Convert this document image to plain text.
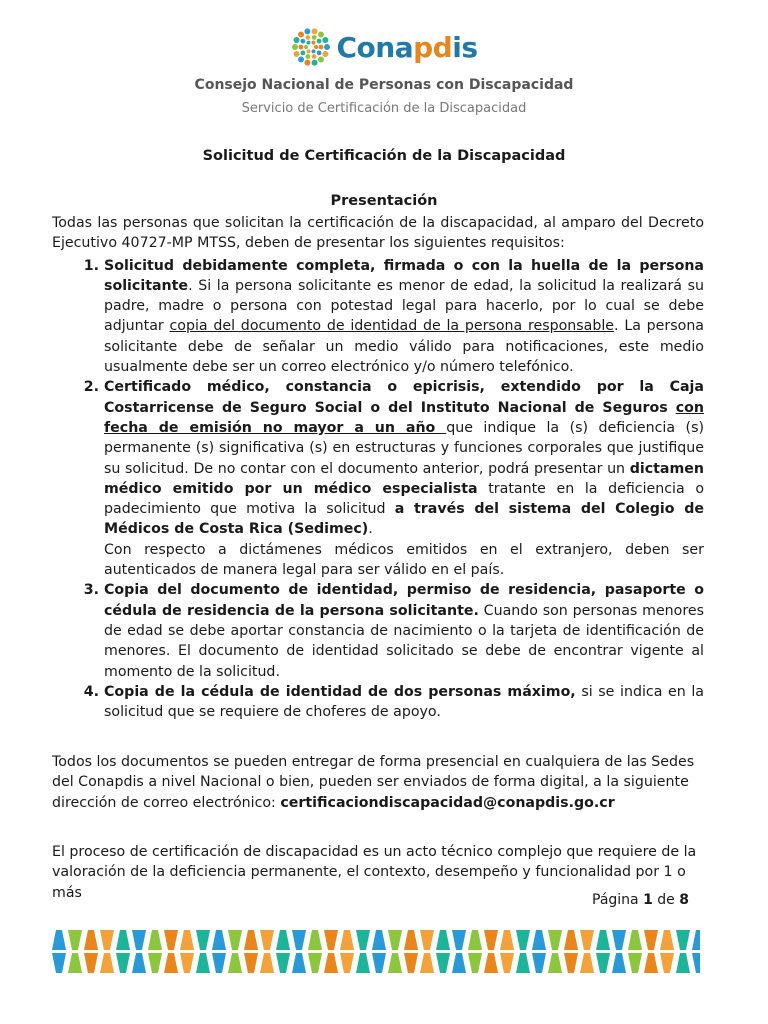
Conapdis
Consejo Nacional de Personas con Discapacidad
Servicio de Certificación de la Discapacidad
Solicitud de Certificación de la Discapacidad
Presentación
Todas las personas que solicitan la certificación de la discapacidad, al amparo del Decreto Ejecutivo 40727-MP MTSS, deben de presentar los siguientes requisitos:
1. Solicitud debidamente completa, firmada o con la huella de la persona solicitante. Si la persona solicitante es menor de edad, la solicitud la realizará su padre, madre o persona con potestad legal para hacerlo, por lo cual se debe adjuntar copia del documento de identidad de la persona responsable. La persona solicitante debe de señalar un medio válido para notificaciones, este medio usualmente debe ser un correo electrónico y/o número telefónico.
2. Certificado médico, constancia o epicrisis, extendido por la Caja Costarricense de Seguro Social o del Instituto Nacional de Seguros con fecha de emisión no mayor a un año que indique la (s) deficiencia (s) permanente (s) significativa (s) en estructuras y funciones corporales que justifique su solicitud. De no contar con el documento anterior, podrá presentar un dictamen médico emitido por un médico especialista tratante en la deficiencia o padecimiento que motiva la solicitud a través del sistema del Colegio de Médicos de Costa Rica (Sedimec).
Con respecto a dictámenes médicos emitidos en el extranjero, deben ser autenticados de manera legal para ser válido en el país.
3. Copia del documento de identidad, permiso de residencia, pasaporte o cédula de residencia de la persona solicitante. Cuando son personas menores de edad se debe aportar constancia de nacimiento o la tarjeta de identificación de menores. El documento de identidad solicitado se debe de encontrar vigente al momento de la solicitud.
4. Copia de la cédula de identidad de dos personas máximo, si se indica en la solicitud que se requiere de choferes de apoyo.
Todos los documentos se pueden entregar de forma presencial en cualquiera de las Sedes del Conapdis a nivel Nacional o bien, pueden ser enviados de forma digital, a la siguiente dirección de correo electrónico: certificaciondiscapacidad@conapdis.go.cr
El proceso de certificación de discapacidad es un acto técnico complejo que requiere de la valoración de la deficiencia permanente, el contexto, desempeño y funcionalidad por 1 o más	Página 1 de 8
